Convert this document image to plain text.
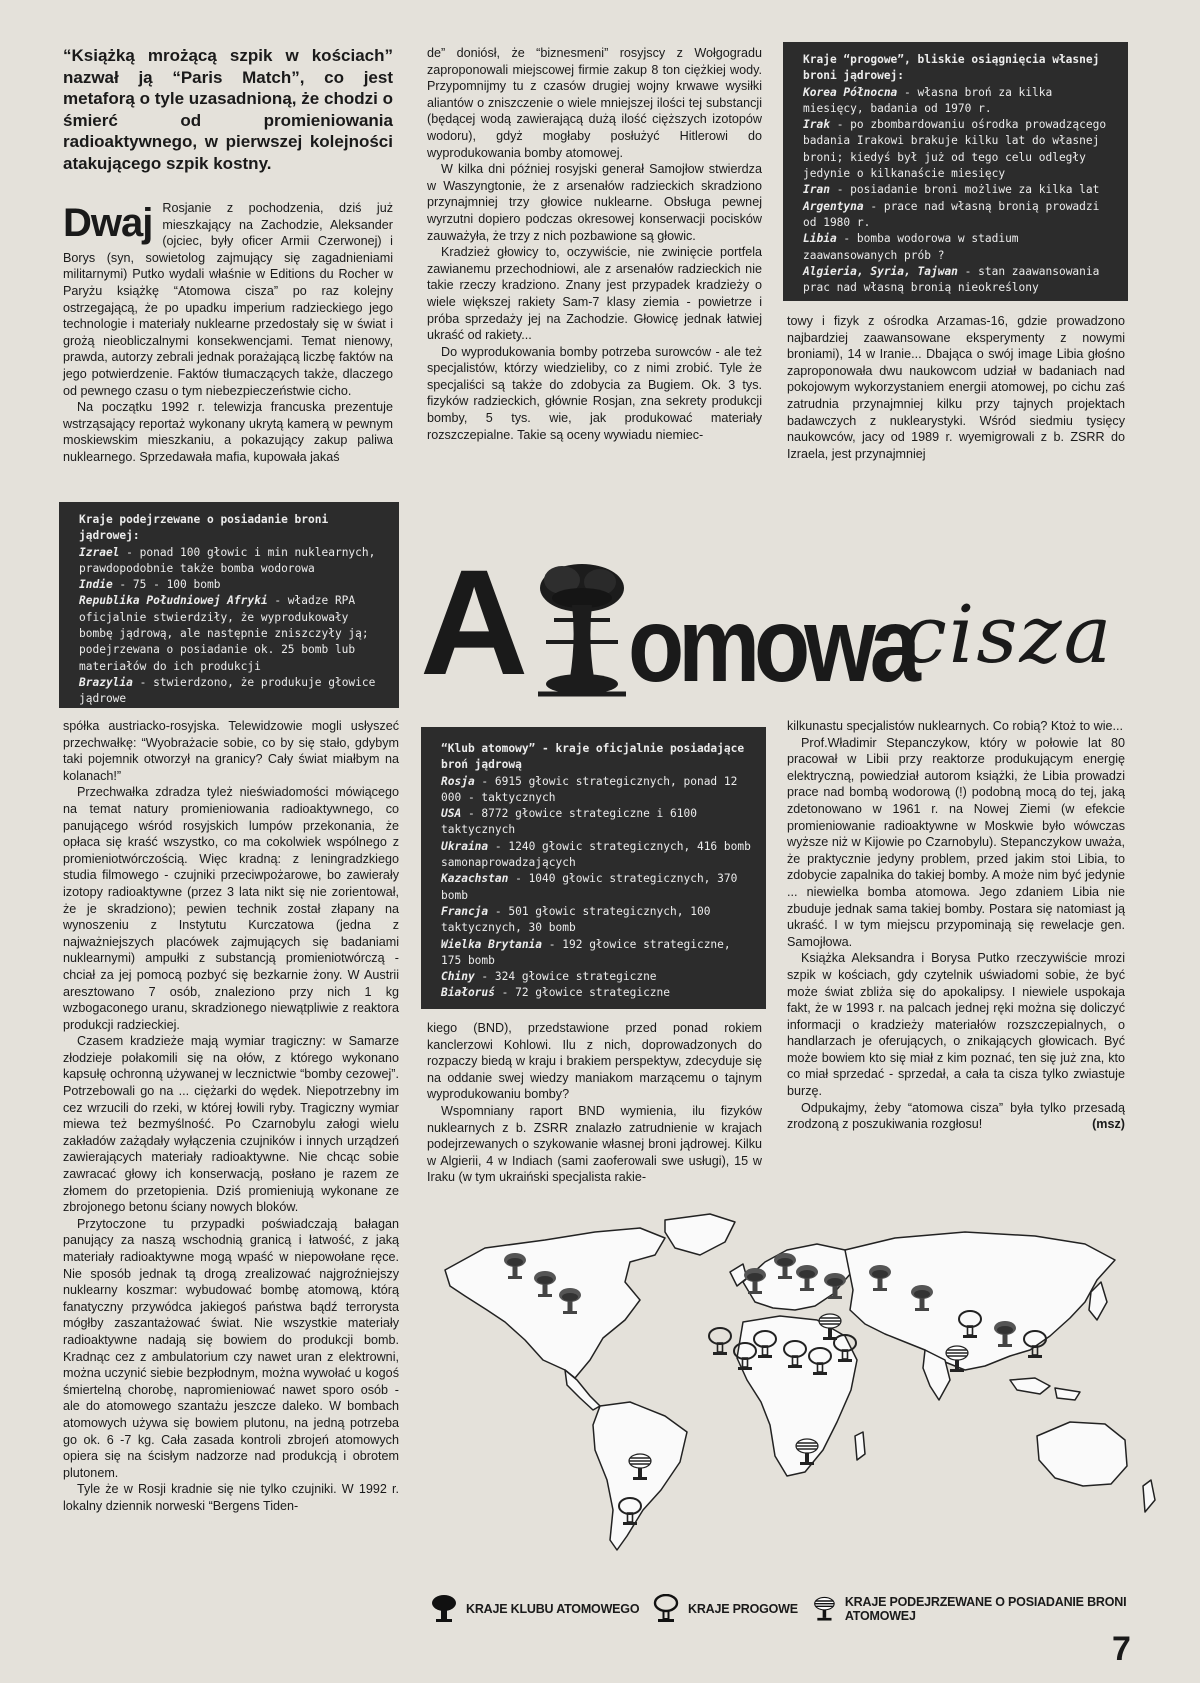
“Książką mrożącą szpik w kościach” nazwał ją “Paris Match”, co jest metaforą o tyle uzasadnioną, że chodzi o śmierć od promieniowania radioaktywnego, w pierwszej kolejności atakującego szpik kostny.
Dwaj Rosjanie z pochodzenia, dziś już mieszkający na Zachodzie, Aleksander (ojciec, były oficer Armii Czerwonej) i Borys (syn, sowietolog zajmujący się zagadnieniami militarnymi) Putko wydali właśnie w Editions du Rocher w Paryżu książkę “Atomowa cisza” po raz kolejny ostrzegającą, że po upadku imperium radzieckiego jego technologie i materiały nuklearne przedostały się w świat i grożą nieobliczalnymi konsekwencjami. Temat nienowy, prawda, autorzy zebrali jednak porażającą liczbę faktów na jego potwierdzenie. Faktów tłumaczących także, dlaczego od pewnego czasu o tym niebezpieczeństwie cicho.

Na początku 1992 r. telewizja francuska prezentuje wstrząsający reportaż wykonany ukrytą kamerą w pewnym moskiewskim mieszkaniu, a pokazujący zakup paliwa nuklearnego. Sprzedawała mafia, kupowała jakaś

de” doniósł, że “biznesmeni” rosyjscy z Wołgogradu zaproponowali miejscowej firmie zakup 8 ton ciężkiej wody. Przypomnijmy tu z czasów drugiej wojny krwawe wysiłki aliantów o zniszczenie o wiele mniejszej ilości tej substancji (będącej wodą zawierającą dużą ilość cięższych izotopów wodoru), gdyż mogłaby posłużyć Hitlerowi do wyprodukowania bomby atomowej.

W kilka dni później rosyjski generał Samojłow stwierdza w Waszyngtonie, że z arsenałów radzieckich skradziono przynajmniej trzy głowice nuklearne. Obsługa pewnej wyrzutni dopiero podczas okresowej konserwacji pocisków zauważyła, że trzy z nich pozbawione są głowic.

Kradzież głowicy to, oczywiście, nie zwinięcie portfela zawianemu przechodniowi, ale z arsenałów radzieckich nie takie rzeczy kradziono. Znany jest przypadek kradzieży o wiele większej rakiety Sam-7 klasy ziemia - powietrze i próba sprzedaży jej na Zachodzie. Głowicę jednak łatwiej ukraść od rakiety...

Do wyprodukowania bomby potrzeba surowców - ale też specjalistów, którzy wiedzieliby, co z nimi zrobić. Tyle że specjaliści są także do zdobycia za Bugiem. Ok. 3 tys. fizyków radzieckich, głównie Rosjan, zna sekrety produkcji bomby, 5 tys. wie, jak produkować materiały rozszczepialne. Takie są oceny wywiadu niemiec-

Kraje “progowe”, bliskie osiągnięcia własnej broni jądrowej:
Korea Północna - własna broń za kilka miesięcy, badania od 1970 r.
Irak - po zbombardowaniu ośrodka prowadzącego badania Irakowi brakuje kilku lat do własnej broni; kiedyś był już od tego celu odległy jedynie o kilkanaście miesięcy
Iran - posiadanie broni możliwe za kilka lat
Argentyna - prace nad własną bronią prowadzi od 1980 r.
Libia - bomba wodorowa w stadium zaawansowanych prób ?
Algieria, Syria, Tajwan - stan zaawansowania prac nad własną bronią nieokreślony

towy i fizyk z ośrodka Arzamas-16, gdzie prowadzono najbardziej zaawansowane eksperymenty z nowymi broniami), 14 w Iranie... Dbająca o swój image Libia głośno zaproponowała dwu naukowcom udział w badaniach nad pokojowym wykorzystaniem energii atomowej, po cichu zaś zatrudnia przynajmniej kilku przy tajnych projektach badawczych z nuklearystyki. Wśród siedmiu tysięcy naukowców, jacy od 1989 r. wyemigrowali z b. ZSRR do Izraela, jest przynajmniej

Kraje podejrzewane o posiadanie broni jądrowej:
Izrael - ponad 100 głowic i min nuklearnych, prawdopodobnie także bomba wodorowa
Indie - 75 - 100 bomb
Republika Południowej Afryki - władze RPA oficjalnie stwierdziły, że wyprodukowały bombę jądrową, ale następnie zniszczyły ją; podejrzewana o posiadanie ok. 25 bomb lub materiałów do ich produkcji
Brazylia - stwierdzono, że produkuje głowice jądrowe	A omowa
cisza

spółka austriacko-rosyjska. Telewidzowie mogli usłyszeć przechwałkę: “Wyobrażacie sobie, co by się stało, gdybym taki pojemnik otworzył na granicy? Cały świat miałbym na kolanach!”

Przechwałka zdradza tyleż nieświadomości mówiącego na temat natury promieniowania radioaktywnego, co panującego wśród rosyjskich lumpów przekonania, że opłaca się kraść wszystko, co ma cokolwiek wspólnego z promieniotwórczością. Więc kradną: z leningradzkiego studia filmowego - czujniki przeciwpożarowe, bo zawierały izotopy radioaktywne (przez 3 lata nikt się nie zorientował, że je skradziono); pewien technik został złapany na wynoszeniu z Instytutu Kurczatowa (jedna z najważniejszych placówek zajmujących się badaniami nuklearnymi) ampułki z substancją promieniotwórczą - chciał za jej pomocą pozbyć się bezkarnie żony. W Austrii aresztowano 7 osób, znaleziono przy nich 1 kg wzbogaconego uranu, skradzionego niewątpliwie z reaktora produkcji radzieckiej.

Czasem kradzieże mają wymiar tragiczny: w Samarze złodzieje połakomili się na ołów, z którego wykonano kapsułę ochronną używanej w lecznictwie “bomby cezowej”. Potrzebowali go na ... ciężarki do wędek. Niepotrzebny im cez wrzucili do rzeki, w której łowili ryby. Tragiczny wymiar miewa też bezmyślność. Po Czarnobylu załogi wielu zakładów zażądały wyłączenia czujników i innych urządzeń zawierających materiały radioaktywne. Nie chcąc sobie zawracać głowy ich konserwacją, posłano je razem ze złomem do przetopienia. Dziś promieniują wykonane ze zbrojonego betonu ściany nowych bloków.

Przytoczone tu przypadki poświadczają bałagan panujący za naszą wschodnią granicą i łatwość, z jaką materiały radioaktywne mogą wpaść w niepowołane ręce. Nie sposób jednak tą drogą zrealizować najgroźniejszy nuklearny koszmar: wybudować bombę atomową, którą fanatyczny przywódca jakiegoś państwa bądź terrorysta mógłby zaszantażować świat. Nie wszystkie materiały radioaktywne nadają się bowiem do produkcji bomb. Kradnąc cez z ambulatorium czy nawet uran z elektrowni, można uczynić siebie bezpłodnym, można wywołać u kogoś śmiertelną chorobę, napromieniować nawet sporo osób - ale do atomowego szantażu jeszcze daleko. W bombach atomowych używa się bowiem plutonu, na jedną potrzeba go ok. 6 -7 kg. Cała zasada kontroli zbrojeń atomowych opiera się na ścisłym nadzorze nad produkcją i obrotem plutonem.

Tyle że w Rosji kradnie się nie tylko czujniki. W 1992 r. lokalny dziennik norweski “Bergens Tiden-

“Klub atomowy” - kraje oficjalnie posiadające broń jądrową
Rosja - 6915 głowic strategicznych, ponad 12 000 - taktycznych
USA - 8772 głowice strategiczne i 6100 taktycznych
Ukraina - 1240 głowic strategicznych, 416 bomb samonaprowadzających
Kazachstan - 1040 głowic strategicznych, 370 bomb
Francja - 501 głowic strategicznych, 100 taktycznych, 30 bomb
Wielka Brytania - 192 głowice strategiczne, 175 bomb
Chiny - 324 głowice strategiczne
Białoruś - 72 głowice strategiczne

kiego (BND), przedstawione przed ponad rokiem kanclerzowi Kohlowi. Ilu z nich, doprowadzonych do rozpaczy biedą w kraju i brakiem perspektyw, zdecyduje się na oddanie swej wiedzy maniakom marzącemu o tajnym wyprodukowaniu bomby?

Wspomniany raport BND wymienia, ilu fizyków nuklearnych z b. ZSRR znalazło zatrudnienie w krajach podejrzewanych o szykowanie własnej broni jądrowej. Kilku w Algierii, 4 w Indiach (sami zaoferowali swe usługi), 15 w Iraku (w tym ukraiński specjalista rakie-

kilkunastu specjalistów nuklearnych. Co robią? Ktoż to wie...

Prof.Władimir Stepanczykow, który w połowie lat 80 pracował w Libii przy reaktorze produkującym energię elektryczną, powiedział autorom książki, że Libia prowadzi prace nad bombą wodorową (!) podobną mocą do tej, jaką zdetonowano w 1961 r. na Nowej Ziemi (w efekcie promieniowanie radioaktywne w Moskwie było wówczas wyższe niż w Kijowie po Czarnobylu). Stepanczykow uważa, że praktycznie jedyny problem, przed jakim stoi Libia, to zdobycie zapalnika do takiej bomby. A może nim być jedynie ... niewielka bomba atomowa. Jego zdaniem Libia nie zbuduje jednak sama takiej bomby. Postara się natomiast ją ukraść. I w tym miejscu przypominają się rewelacje gen. Samojłowa.

Książka Aleksandra i Borysa Putko rzeczywiście mrozi szpik w kościach, gdy czytelnik uświadomi sobie, że być może świat zbliża się do apokalipsy. I niewiele uspokaja fakt, że w 1993 r. na palcach jednej ręki można się doliczyć informacji o kradzieży materiałów rozszczepialnych, o handlarzach je oferujących, o znikających głowicach. Być może bowiem kto się miał z kim poznać, ten się już zna, kto co miał sprzedać - sprzedał, a cała ta cisza tylko zwiastuje burzę.

Odpukajmy, żeby “atomowa cisza” była tylko przesadą zrodzoną z poszukiwania rozgłosu!	(msz)

KRAJE KLUBU ATOMOWEGO	KRAJE PROGOWE	KRAJE PODEJRZEWANE O POSIADANIE BRONI ATOMOWEJ
7
